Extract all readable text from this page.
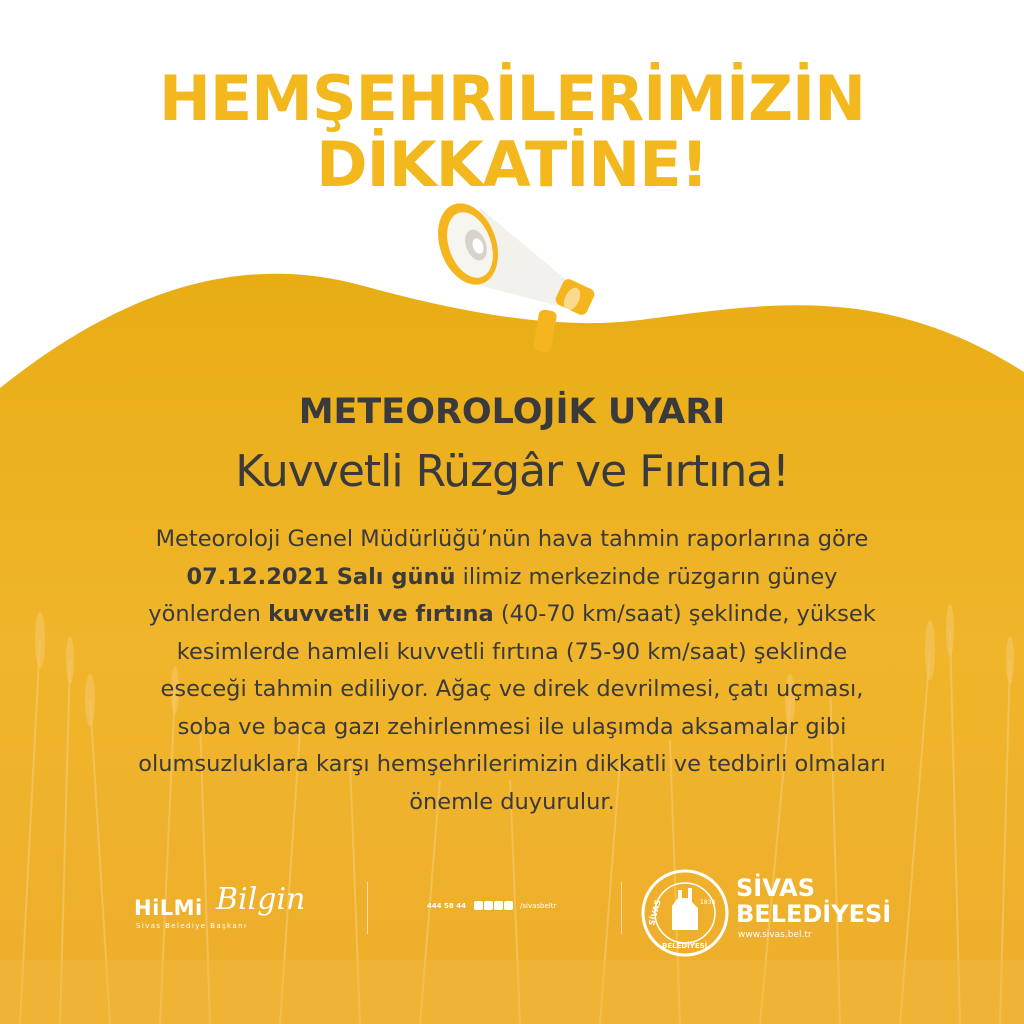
HEMŞEHRİLERİMİZİN
DİKKATİNE!
METEOROLOJİK UYARI
Kuvvetli Rüzgâr ve Fırtına!
Meteoroloji Genel Müdürlüğü’nün hava tahmin raporlarına göre
07.12.2021 Salı günü ilimiz merkezinde rüzgarın güney
yönlerden kuvvetli ve fırtına (40-70 km/saat) şeklinde, yüksek
kesimlerde hamleli kuvvetli fırtına (75-90 km/saat) şeklinde
eseceği tahmin ediliyor. Ağaç ve direk devrilmesi, çatı uçması,
soba ve baca gazı zehirlenmesi ile ulaşımda aksamalar gibi
olumsuzluklara karşı hemşehrilerimizin dikkatli ve tedbirli olmaları
önemle duyurulur.
HiLMi Bilgin
Sivas Belediye Başkanı
444 58 44	/sivasbeltr	SİVAS
BELEDİYESİ
1838
SİVAS
BELEDİYESİ
www.sivas.bel.tr
